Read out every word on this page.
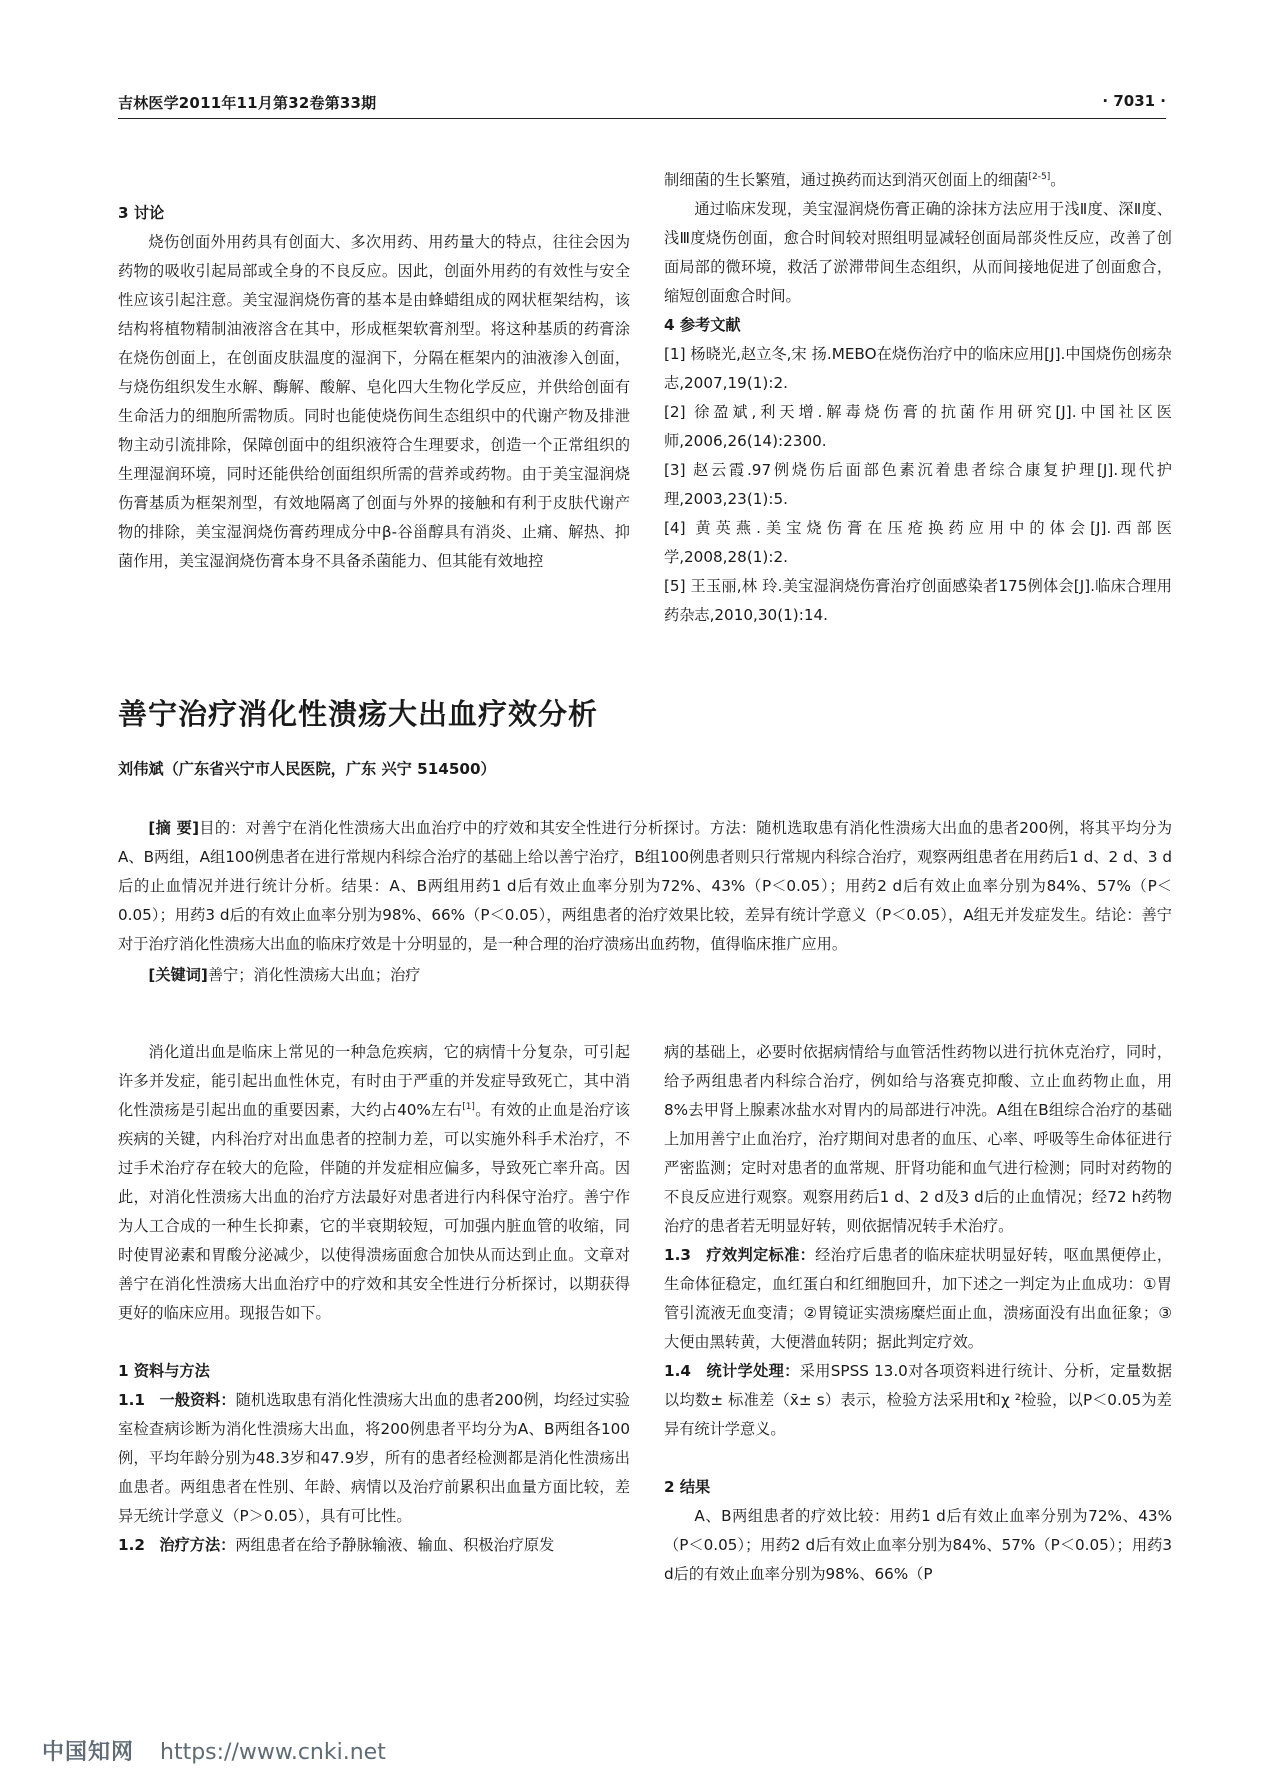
吉林医学2011年11月第32卷第33期	· 7031 ·

3 讨论

烧伤创面外用药具有创面大、多次用药、用药量大的特点，往往会因为药物的吸收引起局部或全身的不良反应。因此，创面外用药的有效性与安全性应该引起注意。美宝湿润烧伤膏的基本是由蜂蜡组成的网状框架结构，该结构将植物精制油液溶含在其中，形成框架软膏剂型。将这种基质的药膏涂在烧伤创面上，在创面皮肤温度的湿润下，分隔在框架内的油液渗入创面，与烧伤组织发生水解、酶解、酸解、皂化四大生物化学反应，并供给创面有生命活力的细胞所需物质。同时也能使烧伤间生态组织中的代谢产物及排泄物主动引流排除，保障创面中的组织液符合生理要求，创造一个正常组织的生理湿润环境，同时还能供给创面组织所需的营养或药物。由于美宝湿润烧伤膏基质为框架剂型，有效地隔离了创面与外界的接触和有利于皮肤代谢产物的排除，美宝湿润烧伤膏药理成分中β-谷甾醇具有消炎、止痛、解热、抑菌作用，美宝湿润烧伤膏本身不具备杀菌能力、但其能有效地控

制细菌的生长繁殖，通过换药而达到消灭创面上的细菌[2-5]。

通过临床发现，美宝湿润烧伤膏正确的涂抹方法应用于浅Ⅱ度、深Ⅱ度、浅Ⅲ度烧伤创面，愈合时间较对照组明显减轻创面局部炎性反应，改善了创面局部的微环境，救活了淤滞带间生态组织，从而间接地促进了创面愈合，缩短创面愈合时间。

4 参考文献

[1] 杨晓光,赵立冬,宋 扬.MEBO在烧伤治疗中的临床应用[J].中国烧伤创疡杂志,2007,19(1):2.

[2] 徐盈斌,利天增.解毒烧伤膏的抗菌作用研究[J].中国社区医师,2006,26(14):2300.

[3] 赵云霞.97例烧伤后面部色素沉着患者综合康复护理[J].现代护理,2003,23(1):5.

[4] 黄英燕.美宝烧伤膏在压疮换药应用中的体会[J].西部医学,2008,28(1):2.

[5] 王玉丽,林 玲.美宝湿润烧伤膏治疗创面感染者175例体会[J].临床合理用药杂志,2010,30(1):14.

善宁治疗消化性溃疡大出血疗效分析
刘伟斌（广东省兴宁市人民医院，广东 兴宁 514500）

[摘 要]目的：对善宁在消化性溃疡大出血治疗中的疗效和其安全性进行分析探讨。方法：随机选取患有消化性溃疡大出血的患者200例，将其平均分为A、B两组，A组100例患者在进行常规内科综合治疗的基础上给以善宁治疗，B组100例患者则只行常规内科综合治疗，观察两组患者在用药后1 d、2 d、3 d后的止血情况并进行统计分析。结果：A、B两组用药1 d后有效止血率分别为72%、43%（P＜0.05）；用药2 d后有效止血率分别为84%、57%（P＜0.05）；用药3 d后的有效止血率分别为98%、66%（P＜0.05），两组患者的治疗效果比较，差异有统计学意义（P＜0.05），A组无并发症发生。结论：善宁对于治疗消化性溃疡大出血的临床疗效是十分明显的，是一种合理的治疗溃疡出血药物，值得临床推广应用。

[关键词]善宁；消化性溃疡大出血；治疗

消化道出血是临床上常见的一种急危疾病，它的病情十分复杂，可引起许多并发症，能引起出血性休克，有时由于严重的并发症导致死亡，其中消化性溃疡是引起出血的重要因素，大约占40%左右[1]。有效的止血是治疗该疾病的关键，内科治疗对出血患者的控制力差，可以实施外科手术治疗，不过手术治疗存在较大的危险，伴随的并发症相应偏多，导致死亡率升高。因此，对消化性溃疡大出血的治疗方法最好对患者进行内科保守治疗。善宁作为人工合成的一种生长抑素，它的半衰期较短，可加强内脏血管的收缩，同时使胃泌素和胃酸分泌减少，以使得溃疡面愈合加快从而达到止血。文章对善宁在消化性溃疡大出血治疗中的疗效和其安全性进行分析探讨，以期获得更好的临床应用。现报告如下。

1 资料与方法

1.1 一般资料：随机选取患有消化性溃疡大出血的患者200例，均经过实验室检查病诊断为消化性溃疡大出血，将200例患者平均分为A、B两组各100例，平均年龄分别为48.3岁和47.9岁，所有的患者经检测都是消化性溃疡出血患者。两组患者在性别、年龄、病情以及治疗前累积出血量方面比较，差异无统计学意义（P＞0.05），具有可比性。

1.2 治疗方法：两组患者在给予静脉输液、输血、积极治疗原发

病的基础上，必要时依据病情给与血管活性药物以进行抗休克治疗，同时，给予两组患者内科综合治疗，例如给与洛赛克抑酸、立止血药物止血，用8%去甲肾上腺素冰盐水对胃内的局部进行冲洗。A组在B组综合治疗的基础上加用善宁止血治疗，治疗期间对患者的血压、心率、呼吸等生命体征进行严密监测；定时对患者的血常规、肝肾功能和血气进行检测；同时对药物的不良反应进行观察。观察用药后1 d、2 d及3 d后的止血情况；经72 h药物治疗的患者若无明显好转，则依据情况转手术治疗。

1.3 疗效判定标准：经治疗后患者的临床症状明显好转，呕血黑便停止，生命体征稳定，血红蛋白和红细胞回升，加下述之一判定为止血成功：①胃管引流液无血变清；②胃镜证实溃疡糜烂面止血，溃疡面没有出血征象；③大便由黑转黄，大便潜血转阴；据此判定疗效。

1.4 统计学处理：采用SPSS 13.0对各项资料进行统计、分析，定量数据以均数± 标准差（x̄± s）表示，检验方法采用t和χ ²检验，以P＜0.05为差异有统计学意义。

2 结果

A、B两组患者的疗效比较：用药1 d后有效止血率分别为72%、43%（P＜0.05）；用药2 d后有效止血率分别为84%、57%（P＜0.05）；用药3 d后的有效止血率分别为98%、66%（P

中国知网 https://www.cnki.net
